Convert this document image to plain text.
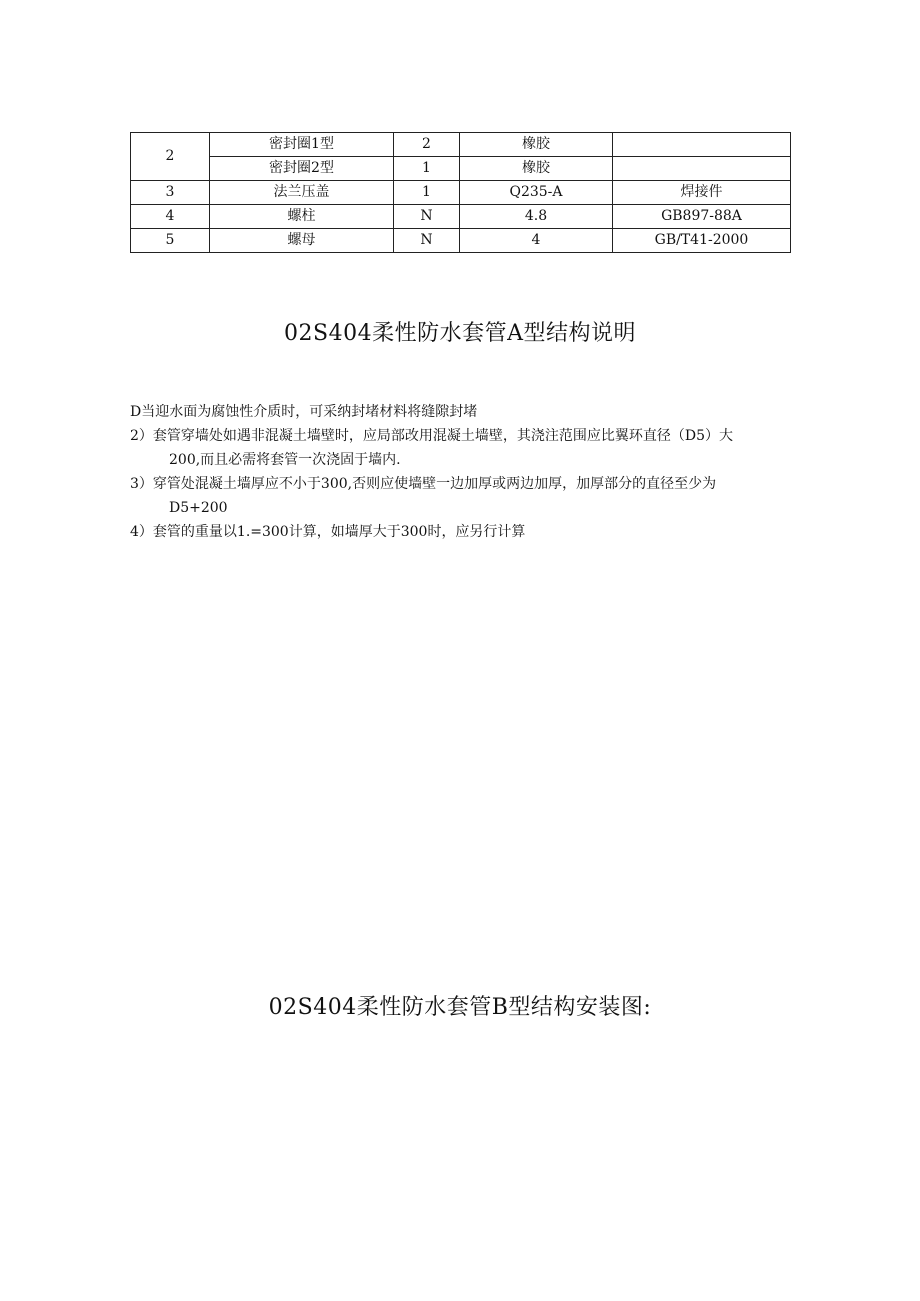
2	密封圈1型	2	橡胶	
	密封圈2型	1	橡胶	
3	法兰压盖	1	Q235-A	焊接件
4	螺柱	N	4.8	GB897-88A
5	螺母	N	4	GB/T41-2000
02S404柔性防水套管A型结构说明
D当迎水面为腐蚀性介质时，可采纳封堵材料将缝隙封堵
2）套管穿墙处如遇非混凝土墙壁时，应局部改用混凝土墙壁，其浇注范围应比翼环直径（D5）大
200,而且必需将套管一次浇固于墙内.
3）穿管处混凝土墙厚应不小于300,否则应使墙壁一边加厚或两边加厚，加厚部分的直径至少为
D5+200
4）套管的重量以1.=300计算，如墙厚大于300时，应另行计算
02S404柔性防水套管B型结构安装图:
